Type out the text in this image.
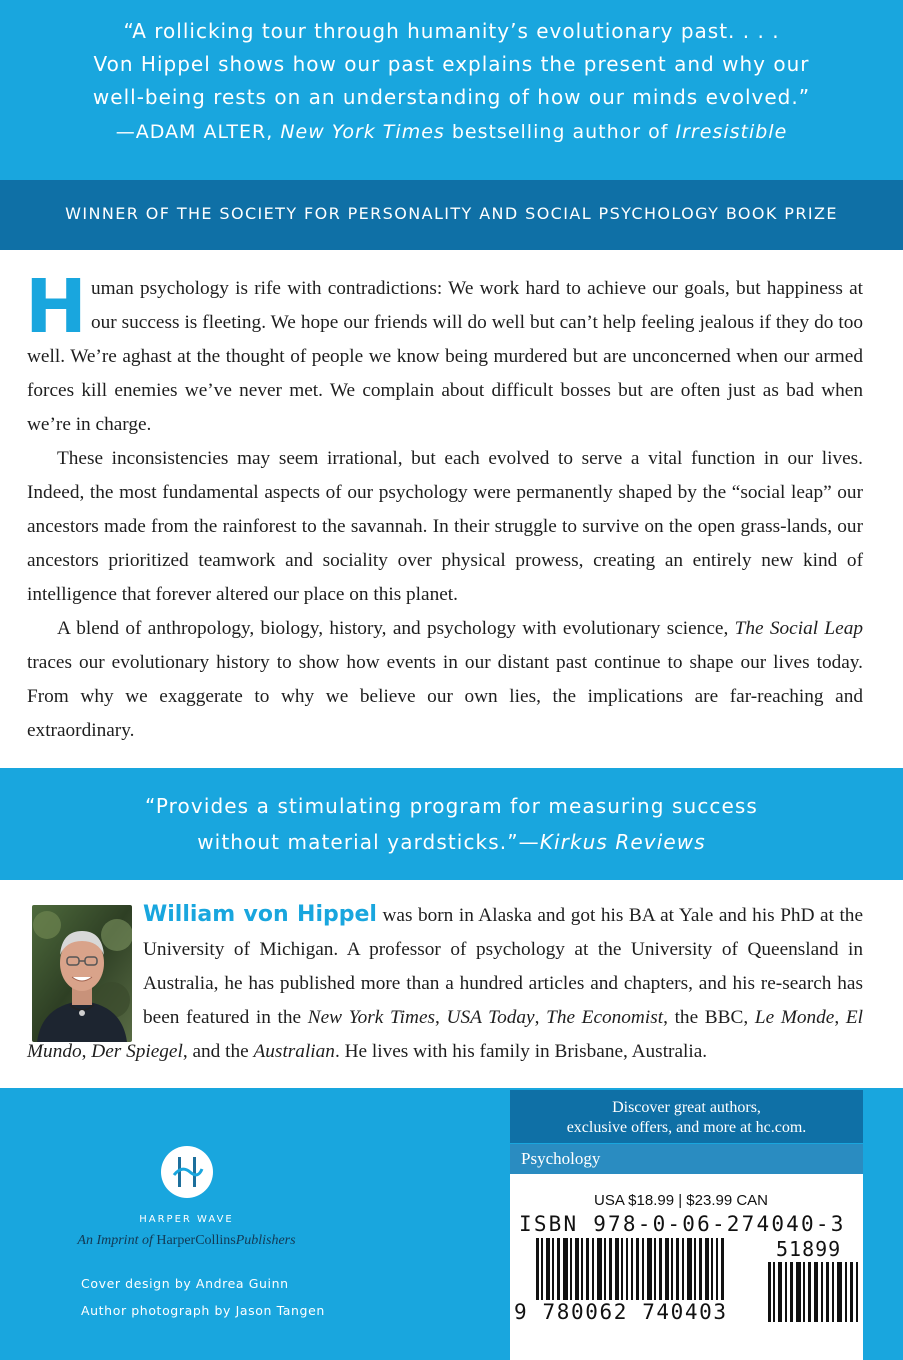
“A rollicking tour through humanity’s evolutionary past. . . .
Von Hippel shows how our past explains the present and why our
well-being rests on an understanding of how our minds evolved.”
—ADAM ALTER, New York Times bestselling author of Irresistible
WINNER OF THE SOCIETY FOR PERSONALITY AND SOCIAL PSYCHOLOGY BOOK PRIZE

Human psychology is rife with contradictions: We work hard to achieve our goals, but happiness at our success is fleeting. We hope our friends will do well but can’t help feeling jealous if they do too well. We’re aghast at the thought of people we know being murdered but are unconcerned when our armed forces kill enemies we’ve never met. We complain about difficult bosses but are often just as bad when we’re in charge.

These inconsistencies may seem irrational, but each evolved to serve a vital function in our lives. Indeed, the most fundamental aspects of our psychology were permanently shaped by the “social leap” our ancestors made from the rainforest to the savannah. In their struggle to survive on the open grass-lands, our ancestors prioritized teamwork and sociality over physical prowess, creating an entirely new kind of intelligence that forever altered our place on this planet.

A blend of anthropology, biology, history, and psychology with evolutionary science, The Social Leap traces our evolutionary history to show how events in our distant past continue to shape our lives today. From why we exaggerate to why we believe our own lies, the implications are far-reaching and extraordinary.

“Provides a stimulating program for measuring success
without material yardsticks.”—Kirkus Reviews
William von Hippel was born in Alaska and got his BA at Yale and his PhD at the University of Michigan. A professor of psychology at the University of Queensland in Australia, he has published more than a hundred articles and chapters, and his re-search has been featured in the New York Times, USA Today, The Economist, the BBC, Le Monde, El Mundo, Der Spiegel, and the Australian. He lives with his family in Brisbane, Australia.
HARPER WAVE
An Imprint of HarperCollinsPublishers
Cover design by Andrea Guinn
Author photograph by Jason Tangen
Discover great authors,
exclusive offers, and more at hc.com.
Psychology
USA $18.99 | $23.99 CAN
ISBN 978-0-06-274040-3
51899
9 780062 740403
